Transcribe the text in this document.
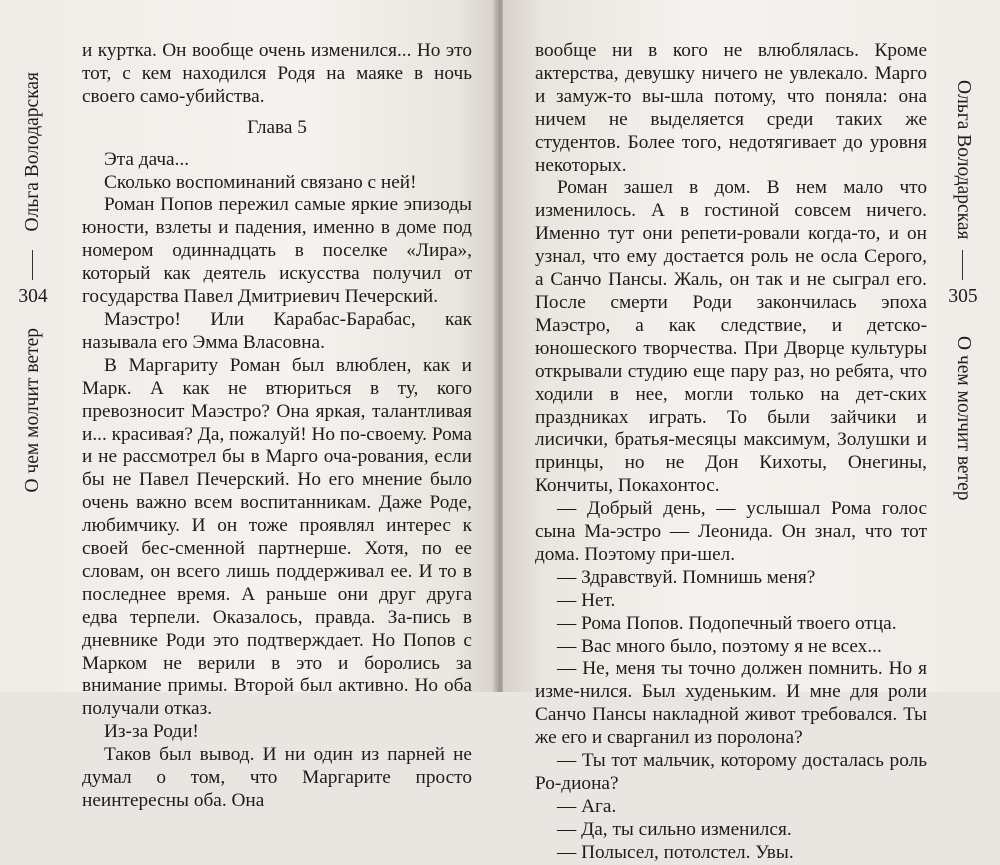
Ольга Володарская
304
О чем молчит ветер

и куртка. Он вообще очень изменился... Но это тот, с кем находился Родя на маяке в ночь своего само-убийства.

Глава 5

Эта дача...

Сколько воспоминаний связано с ней!

Роман Попов пережил самые яркие эпизоды юности, взлеты и падения, именно в доме под номером одиннадцать в поселке «Лира», который как деятель искусства получил от государства Павел Дмитриевич Печерский.

Маэстро! Или Карабас-Барабас, как называла его Эмма Власовна.

В Маргариту Роман был влюблен, как и Марк. А как не втюриться в ту, кого превозносит Маэстро? Она яркая, талантливая и... красивая? Да, пожалуй! Но по-своему. Рома и не рассмотрел бы в Марго оча-рования, если бы не Павел Печерский. Но его мнение было очень важно всем воспитанникам. Даже Роде, любимчику. И он тоже проявлял интерес к своей бес-сменной партнерше. Хотя, по ее словам, он всего лишь поддерживал ее. И то в последнее время. А раньше они друг друга едва терпели. Оказалось, правда. За-пись в дневнике Роди это подтверждает. Но Попов с Марком не верили в это и боролись за внимание примы. Второй был активно. Но оба получали отказ.

Из-за Роди!

Таков был вывод. И ни один из парней не думал о том, что Маргарите просто неинтересны оба. Она

вообще ни в кого не влюблялась. Кроме актерства, девушку ничего не увлекало. Марго и замуж-то вы-шла потому, что поняла: она ничем не выделяется среди таких же студентов. Более того, недотягивает до уровня некоторых.

Роман зашел в дом. В нем мало что изменилось. А в гостиной совсем ничего. Именно тут они репети-ровали когда-то, и он узнал, что ему достается роль не осла Серого, а Санчо Пансы. Жаль, он так и не сыграл его. После смерти Роди закончилась эпоха Маэстро, а как следствие, и детско-юношеского творчества. При Дворце культуры открывали студию еще пару раз, но ребята, что ходили в нее, могли только на дет-ских праздниках играть. То были зайчики и лисички, братья-месяцы максимум, Золушки и принцы, но не Дон Кихоты, Онегины, Кончиты, Покахонтос.

— Добрый день, — услышал Рома голос сына Ма-эстро — Леонида. Он знал, что тот дома. Поэтому при-шел.

— Здравствуй. Помнишь меня?

— Нет.

— Рома Попов. Подопечный твоего отца.

— Вас много было, поэтому я не всех...

— Не, меня ты точно должен помнить. Но я изме-нился. Был худеньким. И мне для роли Санчо Пансы накладной живот требовался. Ты же его и сварганил из поролона?

— Ты тот мальчик, которому досталась роль Ро-диона?

— Ага.

— Да, ты сильно изменился.

— Полысел, потолстел. Увы.

Ольга Володарская
305
О чем молчит ветер
